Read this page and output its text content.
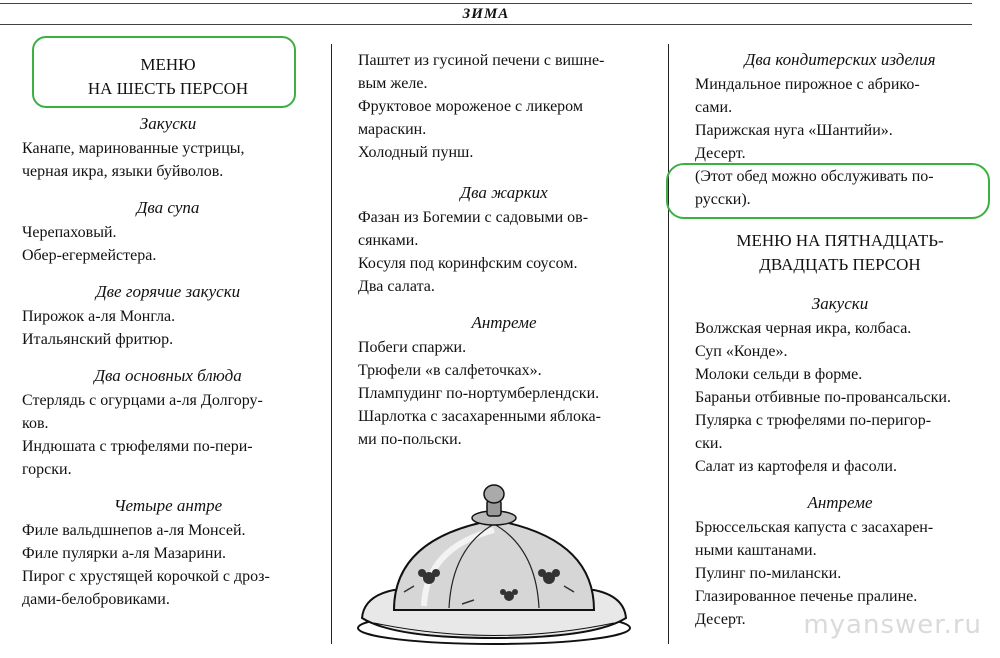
ЗИМА
МЕНЮ
НА ШЕСТЬ ПЕРСОН
Закуски
Канапе, маринованные устрицы,
черная икра, языки буйволов.
Два супа
Черепаховый.
Обер-егермейстера.
Две горячие закуски
Пирожок а-ля Монгла.
Итальянский фритюр.
Два основных блюда
Стерлядь с огурцами а-ля Долгору-
ков.
Индюшата с трюфелями по-пери-
горски.
Четыре антре
Филе вальдшнепов а-ля Монсей.
Филе пулярки а-ля Мазарини.
Пирог с хрустящей корочкой с дроз-
дами-белобровиками.
Паштет из гусиной печени с вишне-
вым желе.
Фруктовое мороженое с ликером
мараскин.
Холодный пунш.
Два жарких
Фазан из Богемии с садовыми ов-
сянками.
Косуля под коринфским соусом.
Два салата.
Антреме
Побеги спаржи.
Трюфели «в салфеточках».
Плампудинг по-нортумберлендски.
Шарлотка с засахаренными яблока-
ми по-польски.
Два кондитерских изделия
Миндальное пирожное с абрико-
сами.
Парижская нуга «Шантийи».
Десерт.
(Этот обед можно обслуживать по-
русски).
МЕНЮ НА ПЯТНАДЦАТЬ-
ДВАДЦАТЬ ПЕРСОН
Закуски
Волжская черная икра, колбаса.
Суп «Конде».
Молоки сельди в форме.
Бараньи отбивные по-провансальски.
Пулярка с трюфелями по-перигор-
ски.
Салат из картофеля и фасоли.
Антреме
Брюссельская капуста с засахарен-
ными каштанами.
Пулинг по-милански.
Глазированное печенье пралине.
Десерт.	myanswer.ru
